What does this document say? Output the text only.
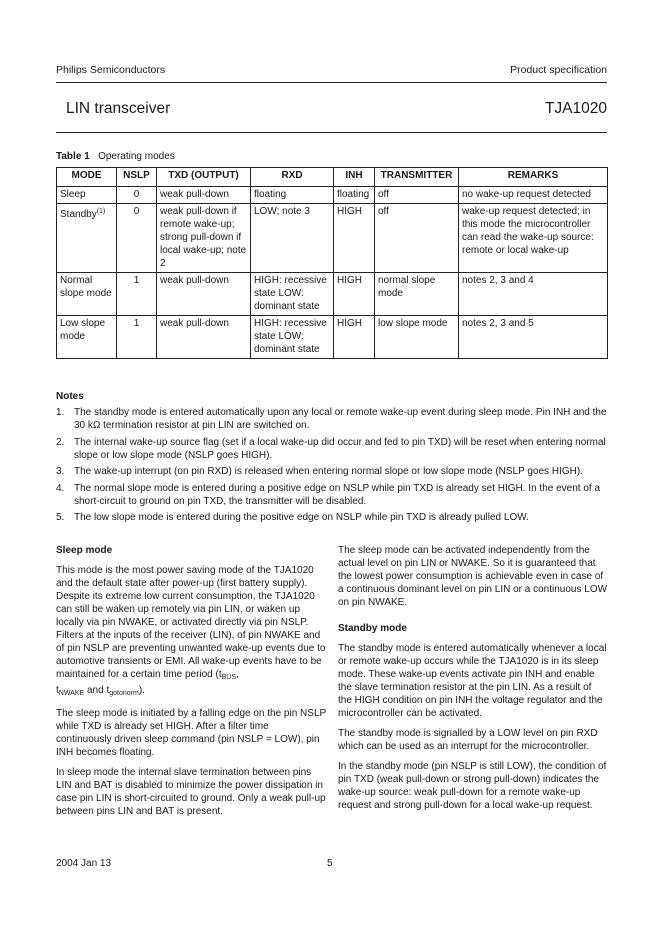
Philips Semiconductors	Product specification
LIN transceiver	TJA1020
Table 1 Operating modes
MODE	NSLP	TXD (OUTPUT)	RXD	INH	TRANSMITTER	REMARKS
Sleep	0	weak pull-down	floating	floating	off	no wake-up request detected
Standby$^{(1)}$	0	weak pull-down if remote wake-up; strong pull-down if local wake-up; note 2	LOW; note 3	HIGH	off	wake-up request detected; in this mode the microcontroller can read the wake-up source: remote or local wake-up
Normal slope mode	1	weak pull-down	HIGH: recessive state LOW: dominant state	HIGH	normal slope mode	notes 2, 3 and 4
Low slope mode	1	weak pull-down	HIGH: recessive state LOW: dominant state	HIGH	low slope mode	notes 2, 3 and 5
Notes
1. The standby mode is entered automatically upon any local or remote wake-up event during sleep mode. Pin INH and the 30 kΩ termination resistor at pin LIN are switched on.
2. The internal wake-up source flag (set if a local wake-up did occur and fed to pin TXD) will be reset when entering normal slope or low slope mode (NSLP goes HIGH).
3. The wake-up interrupt (on pin RXD) is released when entering normal slope or low slope mode (NSLP goes HIGH).
4. The normal slope mode is entered during a positive edge on NSLP while pin TXD is already set HIGH. In the event of a short-circuit to ground on pin TXD, the transmitter will be disabled.
5. The low slope mode is entered during the positive edge on NSLP while pin TXD is already pulled LOW.
Sleep mode

This mode is the most power saving mode of the TJA1020 and the default state after power-up (first battery supply). Despite its extreme low current consumption, the TJA1020 can still be waken up remotely via pin LIN, or waken up locally via pin NWAKE, or activated directly via pin NSLP. Filters at the inputs of the receiver (LIN), of pin NWAKE and of pin NSLP are preventing unwanted wake-up events due to automotive transients or EMI. All wake-up events have to be maintained for a certain time period ($t_{BUS}$,
$t_{NWAKE}$ and $t_{gotonorm}$).

The sleep mode is initiated by a falling edge on the pin NSLP while TXD is already set HIGH. After a filter time continuously driven sleep command (pin NSLP = LOW), pin INH becomes floating.

In sleep mode the internal slave termination between pins LIN and BAT is disabled to minimize the power dissipation in case pin LIN is short-circuited to ground. Only a weak pull-up between pins LIN and BAT is present.

The sleep mode can be activated independently from the actual level on pin LIN or NWAKE. So it is guaranteed that the lowest power consumption is achievable even in case of a continuous dominant level on pin LIN or a continuous LOW on pin NWAKE.

Standby mode

The standby mode is entered automatically whenever a local or remote wake-up occurs while the TJA1020 is in its sleep mode. These wake-up events activate pin INH and enable the slave termination resistor at the pin LIN. As a result of the HIGH condition on pin INH the voltage regulator and the microcontroller can be activated.

The standby mode is signalled by a LOW level on pin RXD which can be used as an interrupt for the microcontroller.

In the standby mode (pin NSLP is still LOW), the condition of pin TXD (weak pull-down or strong pull-down) indicates the wake-up source: weak pull-down for a remote wake-up request and strong pull-down for a local wake-up request.

2004 Jan 13	5
